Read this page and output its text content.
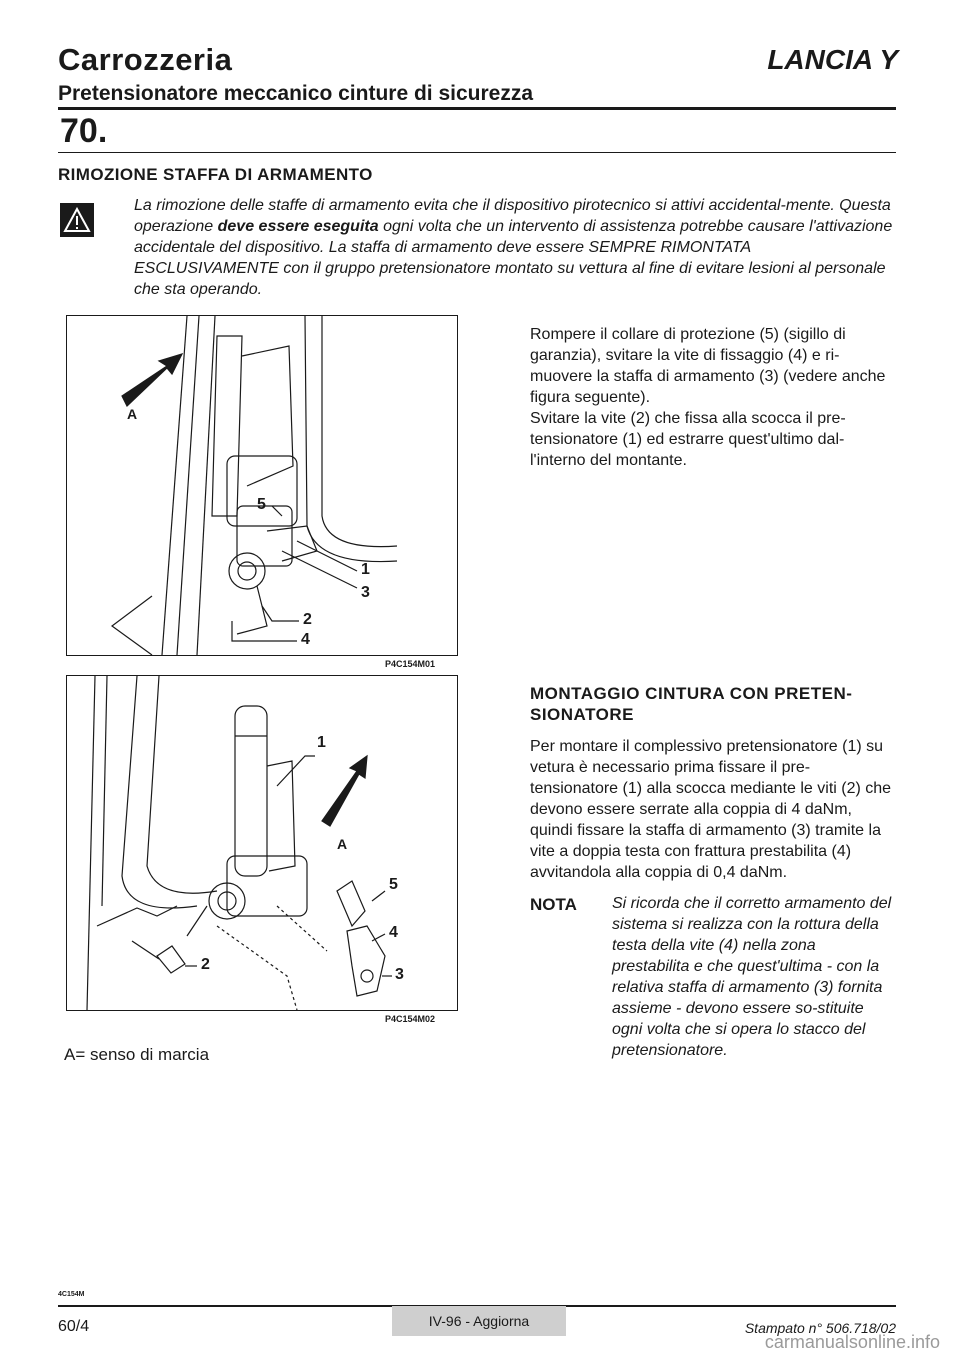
Carrozzeria	LANCIA Y
Pretensionatore meccanico cinture di sicurezza
70.
RIMOZIONE STAFFA DI ARMAMENTO
La rimozione delle staffe di armamento evita che il dispositivo pirotecnico si attivi accidental-mente. Questa operazione deve essere eseguita ogni volta che un intervento di assistenza potrebbe causare l'attivazione accidentale del dispositivo. La staffa di armamento deve essere SEMPRE RIMONTATA ESCLUSIVAMENTE con il gruppo pretensionatore montato su vettura al fine di evitare lesioni al personale che sta operando.
A
5
1
3
2
4
P4C154M01

Rompere il collare di protezione (5) (sigillo di garanzia), svitare la vite di fissaggio (4) e ri-muovere la staffa di armamento (3) (vedere anche figura seguente).

Svitare la vite (2) che fissa alla scocca il pre-tensionatore (1) ed estrarre quest'ultimo dal-l'interno del montante.

1
A
5
4
3
2
P4C154M02
A= senso di marcia
MONTAGGIO CINTURA CON PRETEN-SIONATORE
Per montare il complessivo pretensionatore (1) su vetura è necessario prima fissare il pre-tensionatore (1) alla scocca mediante le viti (2) che devono essere serrate alla coppia di 4 daNm, quindi fissare la staffa di armamento (3) tramite la vite a doppia testa con frattura prestabilita (4) avvitandola alla coppia di 0,4 daNm.
NOTA Si ricorda che il corretto armamento del sistema si realizza con la rottura della testa della vite (4) nella zona prestabilita e che quest'ultima - con la relativa staffa di armamento (3) fornita assieme - devono essere so-stituite ogni volta che si opera lo stacco del pretensionatore.
4C154M
60/4	IV-96 - Aggiorna	Stampato n° 506.718/02
carmanualsonline.info
